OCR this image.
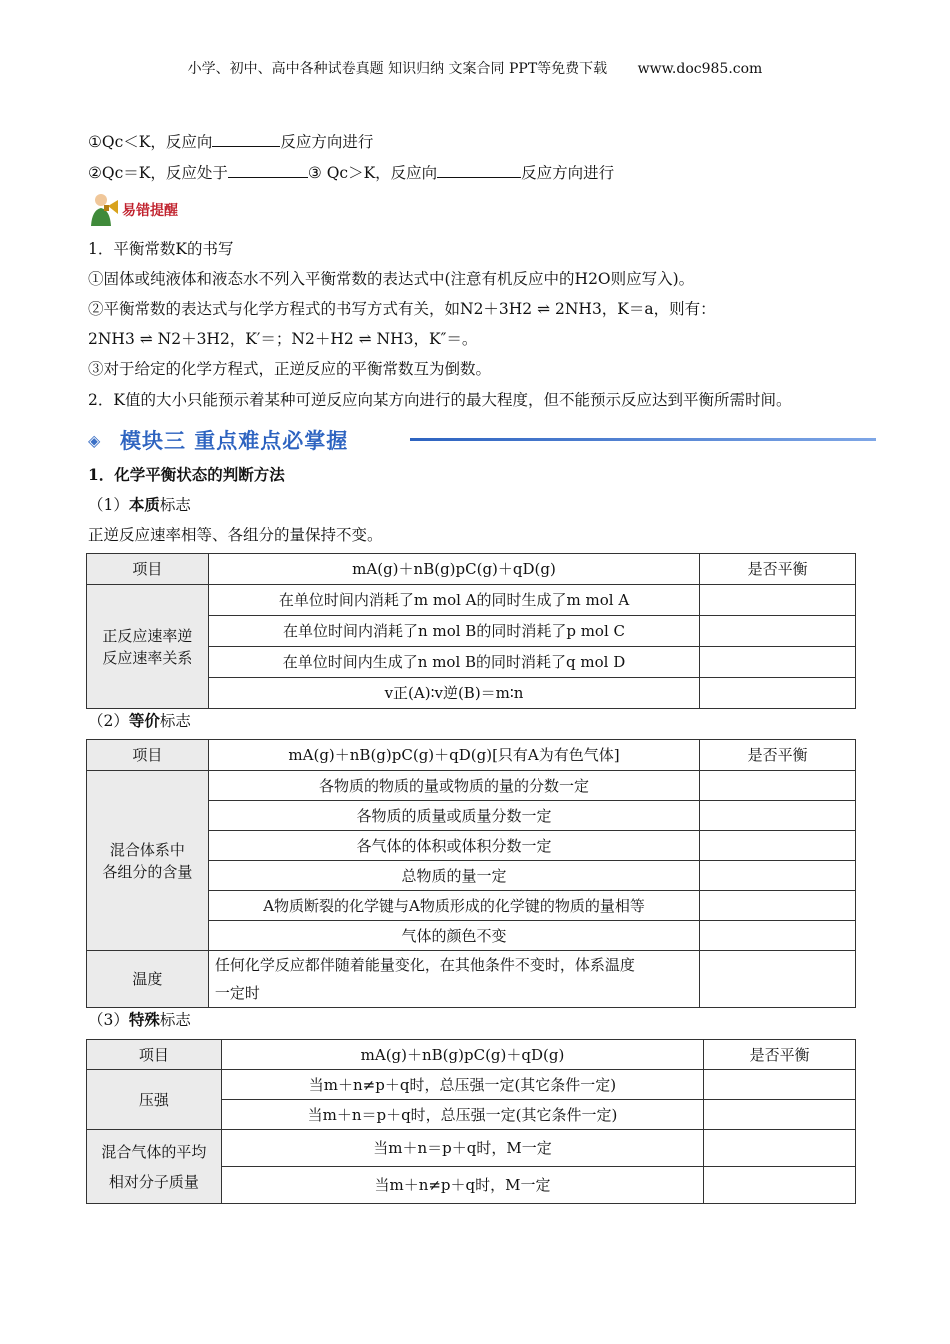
小学、初中、高中各种试卷真题 知识归纳 文案合同 PPT等免费下载 www.doc985.com
①Qc＜K，反应向	反应方向进行
②Qc＝K，反应处于	③ Qc＞K，反应向	反应方向进行
易错提醒
1．平衡常数K的书写
①固体或纯液体和液态水不列入平衡常数的表达式中(注意有机反应中的H2O则应写入)。
②平衡常数的表达式与化学方程式的书写方式有关，如N2＋3H2 ⇌ 2NH3，K＝a，则有：
2NH3 ⇌ N2＋3H2，K′＝；N2＋H2 ⇌ NH3，K″＝。
③对于给定的化学方程式，正逆反应的平衡常数互为倒数。
2．K值的大小只能预示着某种可逆反应向某方向进行的最大程度，但不能预示反应达到平衡所需时间。
◈ 模块三 重点难点必掌握
1．化学平衡状态的判断方法
（1）本质标志
正逆反应速率相等、各组分的量保持不变。
项目	mA(g)＋nB(g)pC(g)＋qD(g)	是否平衡

正反应速率逆
反应速率关系	在单位时间内消耗了m mol A的同时生成了m mol A	
	在单位时间内消耗了n mol B的同时消耗了p mol C	
	在单位时间内生成了n mol B的同时消耗了q mol D	
	v正(A)∶v逆(B)＝m∶n	
（2）等价标志
项目	mA(g)＋nB(g)pC(g)＋qD(g)[只有A为有色气体]	是否平衡

混合体系中
各组分的含量	各物质的物质的量或物质的量的分数一定	
	各物质的质量或质量分数一定	
	各气体的体积或体积分数一定	
	总物质的量一定	
	A物质断裂的化学键与A物质形成的化学键的物质的量相等	
	气体的颜色不变	
温度	任何化学反应都伴随着能量变化，在其他条件不变时，体系温度
一定时	

（3）特殊标志
项目	mA(g)＋nB(g)pC(g)＋qD(g)	是否平衡
压强	当m＋n≠p＋q时，总压强一定(其它条件一定)	
	当m＋n＝p＋q时，总压强一定(其它条件一定)	

混合气体的平均
相对分子质量	当m＋n＝p＋q时，M一定	
	当m＋n≠p＋q时，M一定	
